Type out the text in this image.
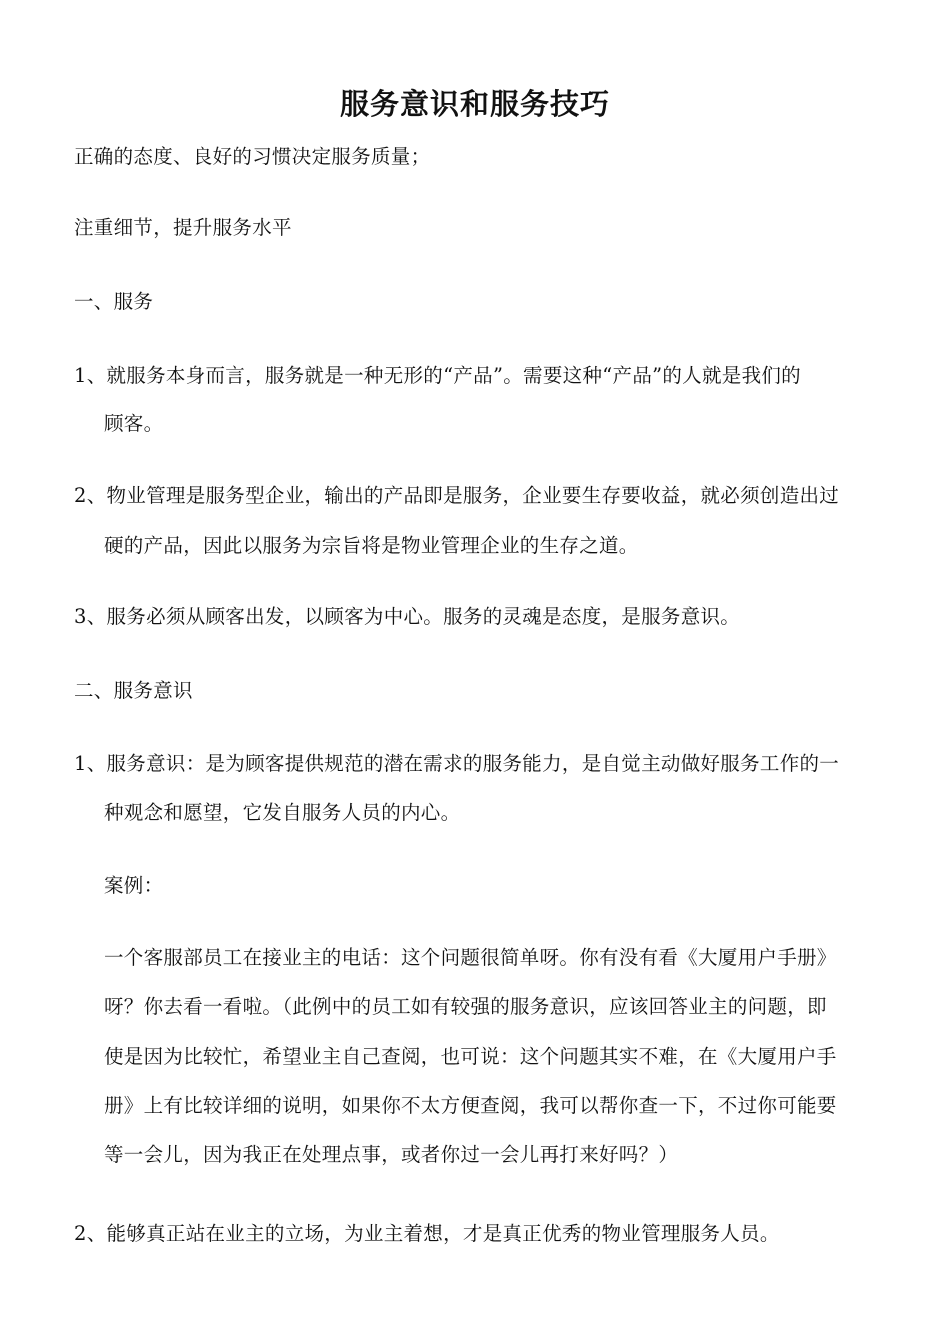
服务意识和服务技巧
正确的态度、良好的习惯决定服务质量；
注重细节，提升服务水平
一、服务
1、就服务本身而言，服务就是一种无形的“产品”。需要这种“产品”的人就是我们的
顾客。
2、物业管理是服务型企业，输出的产品即是服务，企业要生存要收益，就必须创造出过
硬的产品，因此以服务为宗旨将是物业管理企业的生存之道。
3、服务必须从顾客出发，以顾客为中心。服务的灵魂是态度，是服务意识。
二、服务意识
1、服务意识：是为顾客提供规范的潜在需求的服务能力，是自觉主动做好服务工作的一
种观念和愿望，它发自服务人员的内心。
案例：
一个客服部员工在接业主的电话：这个问题很简单呀。你有没有看《大厦用户手册》
呀？你去看一看啦。（此例中的员工如有较强的服务意识，应该回答业主的问题，即
使是因为比较忙，希望业主自己查阅，也可说：这个问题其实不难，在《大厦用户手
册》上有比较详细的说明，如果你不太方便查阅，我可以帮你查一下，不过你可能要
等一会儿，因为我正在处理点事，或者你过一会儿再打来好吗？）
2、能够真正站在业主的立场，为业主着想，才是真正优秀的物业管理服务人员。
